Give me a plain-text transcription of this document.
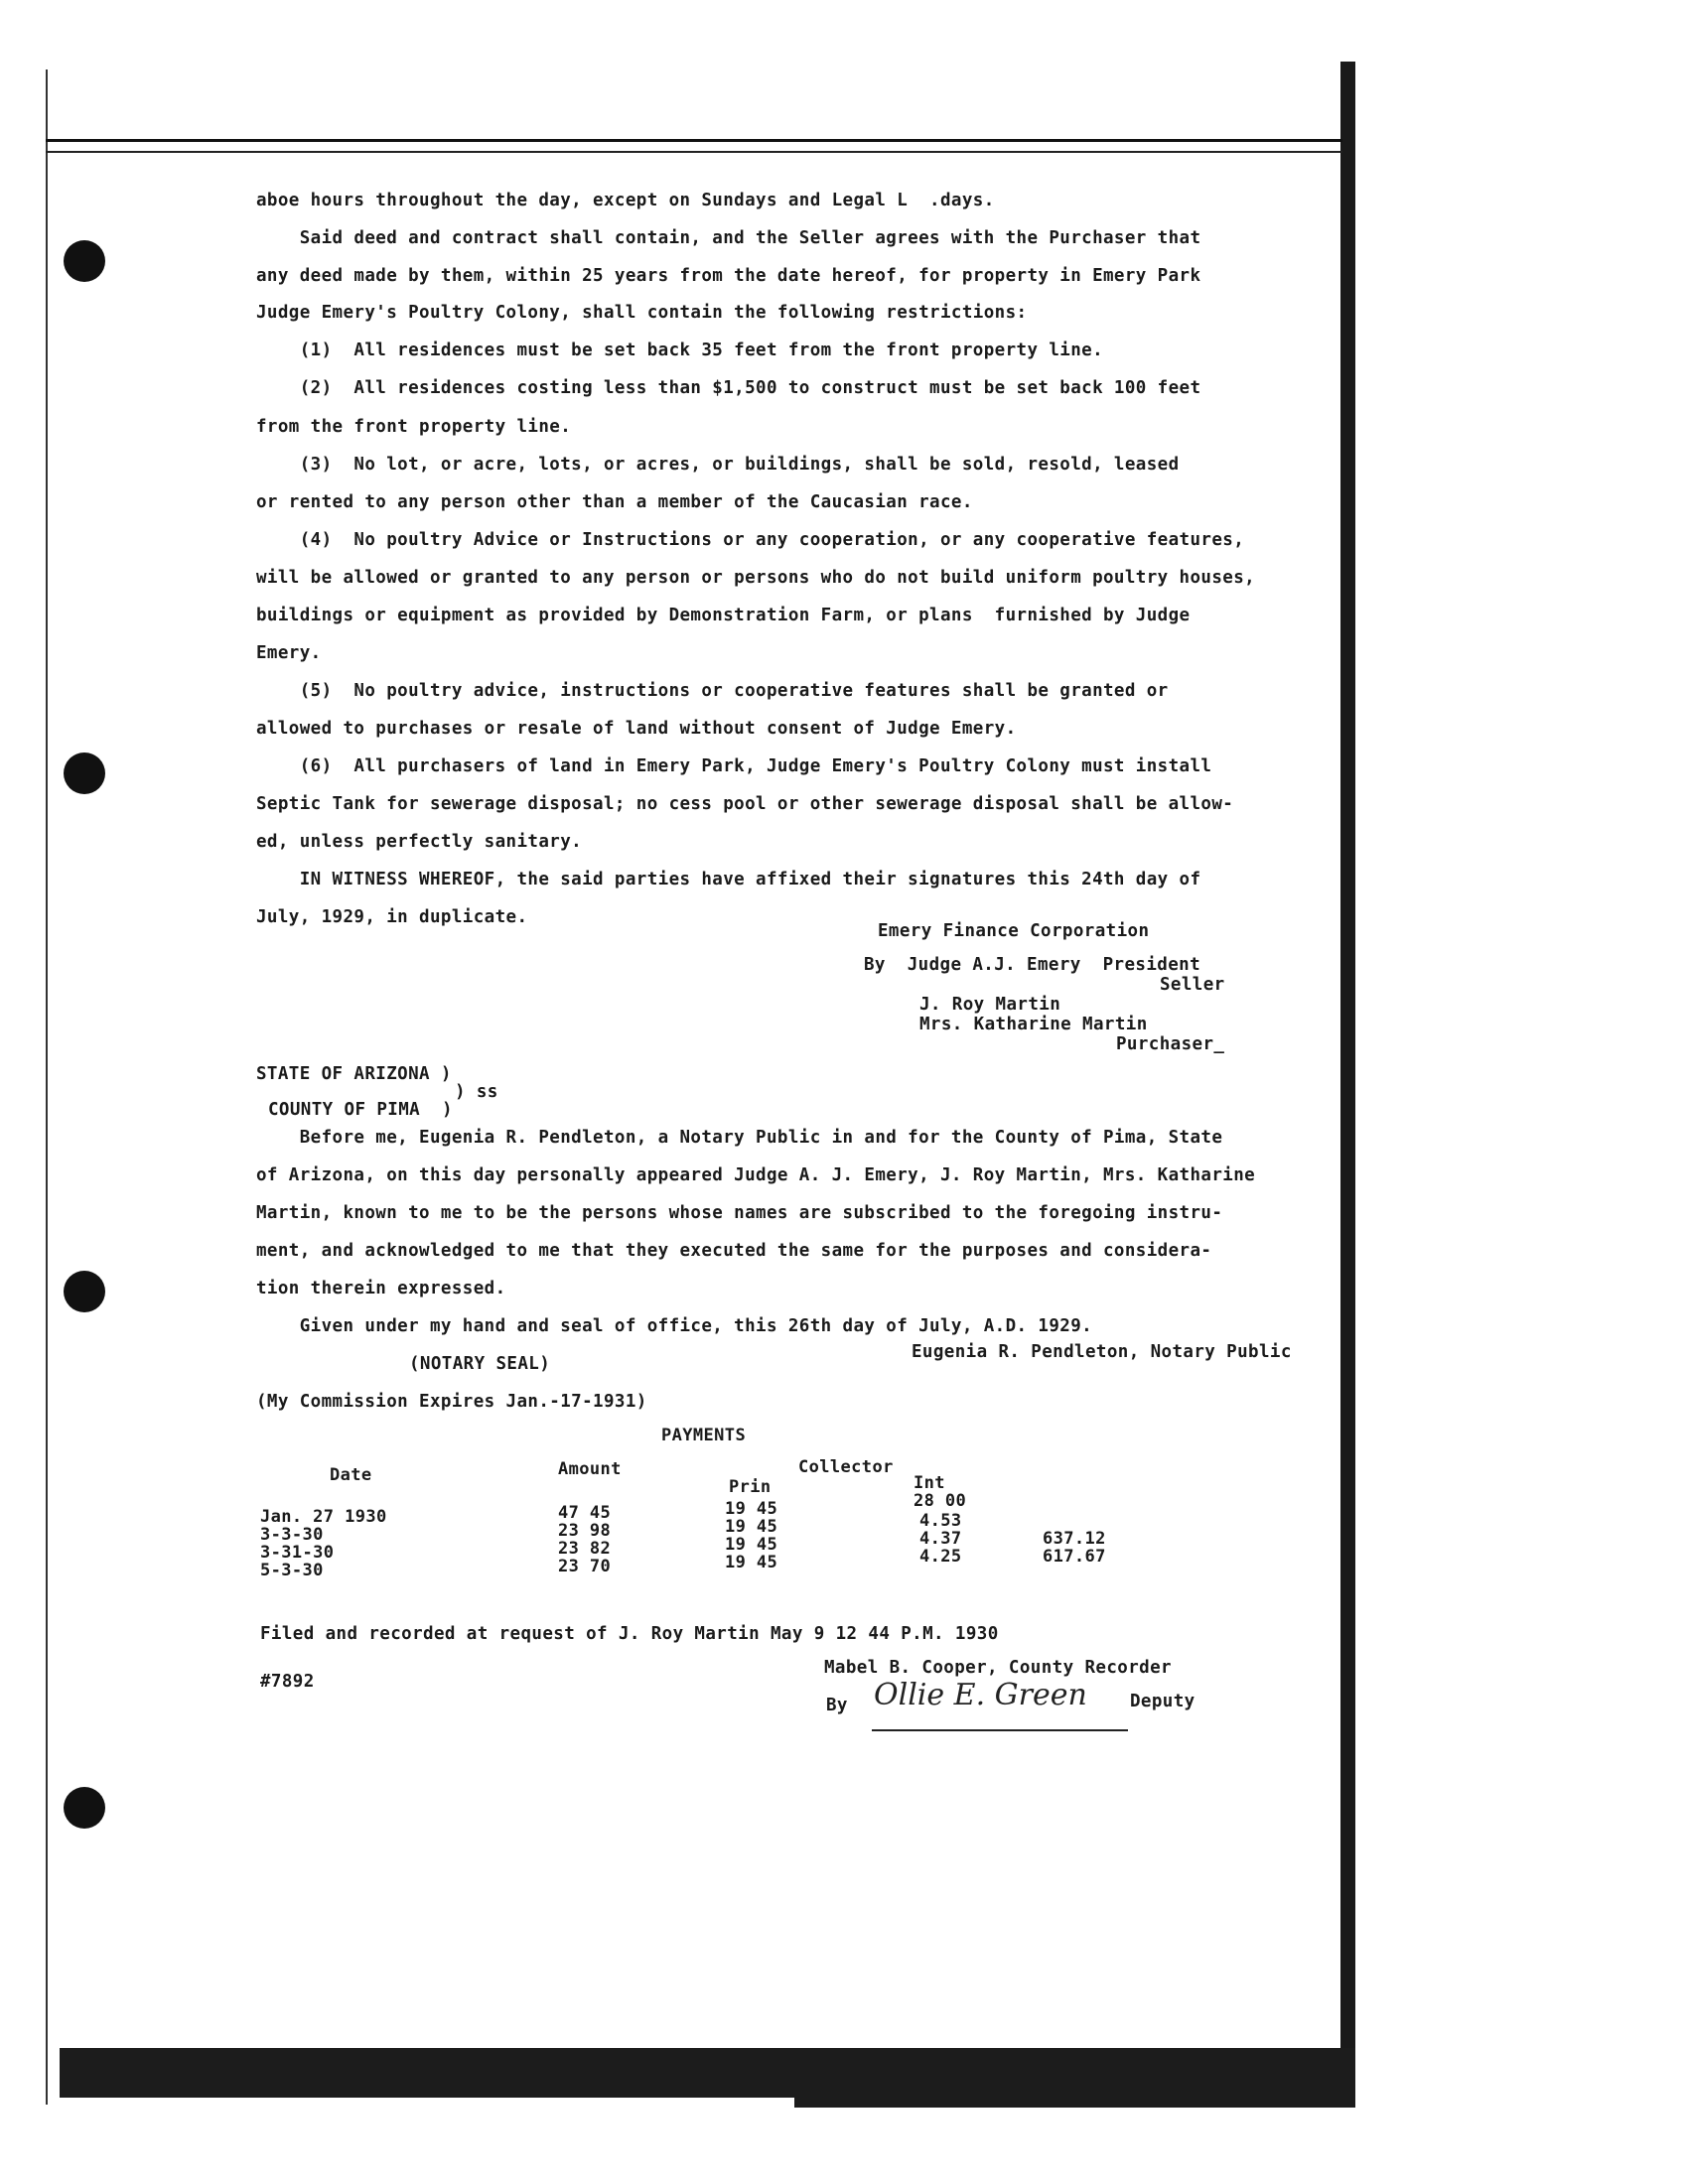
aboe hours throughout the day, except on Sundays and Legal L  .days.
Said deed and contract shall contain, and the Seller agrees with the Purchaser that
any deed made by them, within 25 years from the date hereof, for property in Emery Park
Judge Emery's Poultry Colony, shall contain the following restrictions:
(1)  All residences must be set back 35 feet from the front property line.
(2)  All residences costing less than $1,500 to construct must be set back 100 feet
from the front property line.
(3)  No lot, or acre, lots, or acres, or buildings, shall be sold, resold, leased
or rented to any person other than a member of the Caucasian race.
(4)  No poultry Advice or Instructions or any cooperation, or any cooperative features,
will be allowed or granted to any person or persons who do not build uniform poultry houses,
buildings or equipment as provided by Demonstration Farm, or plans  furnished by Judge
Emery.
(5)  No poultry advice, instructions or cooperative features shall be granted or
allowed to purchases or resale of land without consent of Judge Emery.
(6)  All purchasers of land in Emery Park, Judge Emery's Poultry Colony must install
Septic Tank for sewerage disposal; no cess pool or other sewerage disposal shall be allow-
ed, unless perfectly sanitary.
IN WITNESS WHEREOF, the said parties have affixed their signatures this 24th day of
July, 1929, in duplicate.
Emery Finance Corporation
By  Judge A.J. Emery  President
Seller
J. Roy Martin
Mrs. Katharine Martin
Purchaser_
STATE OF ARIZONA )
) ss
COUNTY OF PIMA  )
Before me, Eugenia R. Pendleton, a Notary Public in and for the County of Pima, State
of Arizona, on this day personally appeared Judge A. J. Emery, J. Roy Martin, Mrs. Katharine
Martin, known to me to be the persons whose names are subscribed to the foregoing instru-
ment, and acknowledged to me that they executed the same for the purposes and considera-
tion therein expressed.
Given under my hand and seal of office, this 26th day of July, A.D. 1929.
(NOTARY SEAL)
Eugenia R. Pendleton, Notary Public
(My Commission Expires Jan.-17-1931)
PAYMENTS
Collector
Date	Amount
Prin	Int
Jan. 27 1930	47 45	19 45	28 00
3-3-30	23 98	19 45	4.53
3-31-30	23 82	19 45	4.37	637.12
5-3-30	23 70	19 45	4.25	617.67
Filed and recorded at request of J. Roy Martin May 9 12 44 P.M. 1930
Mabel B. Cooper, County Recorder
#7892
By Ollie E. Green Deputy
